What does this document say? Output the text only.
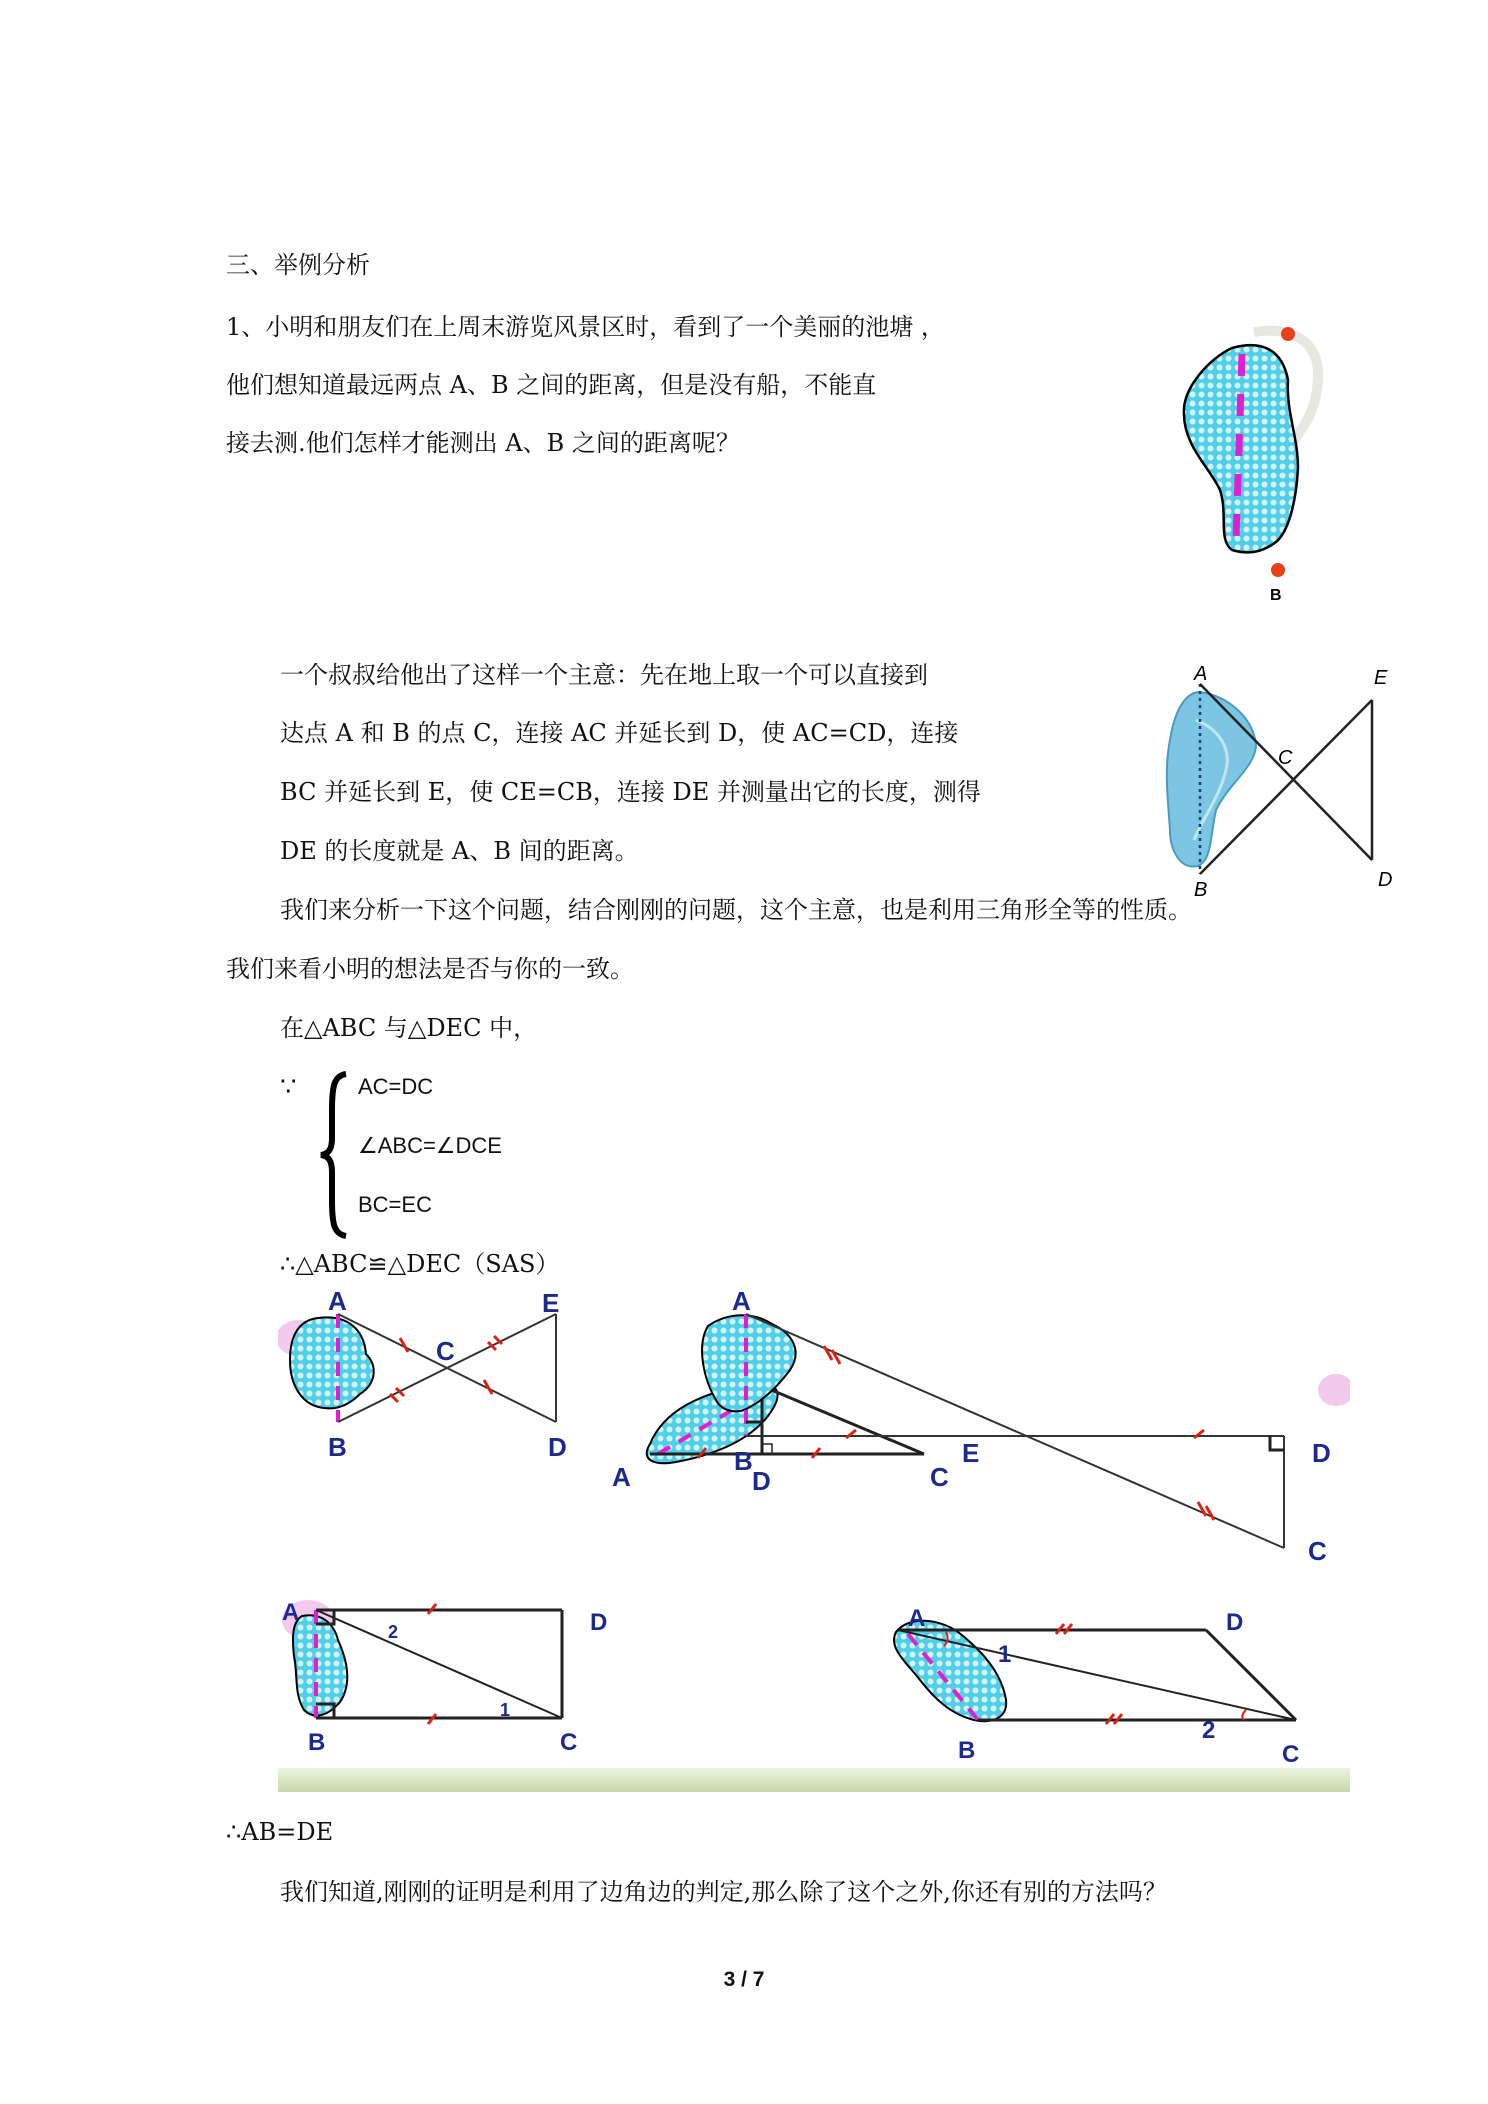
三、举例分析
1、小明和朋友们在上周末游览风景区时，看到了一个美丽的池塘 ，
他们想知道最远两点 A、B 之间的距离，但是没有船，不能直
接去测.他们怎样才能测出 A、B 之间的距离呢？
一个叔叔给他出了这样一个主意：先在地上取一个可以直接到
达点 A 和 B 的点 C，连接 AC 并延长到 D，使 AC=CD，连接
BC 并延长到 E，使 CE=CB，连接 DE 并测量出它的长度，测得
DE 的长度就是 A、B 间的距离。
我们来分析一下这个问题，结合刚刚的问题，这个主意，也是利用三角形全等的性质。
我们来看小明的想法是否与你的一致。
在△ABC 与△DEC 中，
∵	AC=DC
∠ABC=∠DCE
BC=EC
∴△ABC≌△DEC（SAS）
∴AB=DE
我们知道,刚刚的证明是利用了边角边的判定,那么除了这个之外,你还有别的方法吗？
3 / 7
B
A
B
C
D
E
A
B
C
D
E
A	D	C
A
B	E	D
C
A
B	C
D
2
1
A
B	C
D
1
2
